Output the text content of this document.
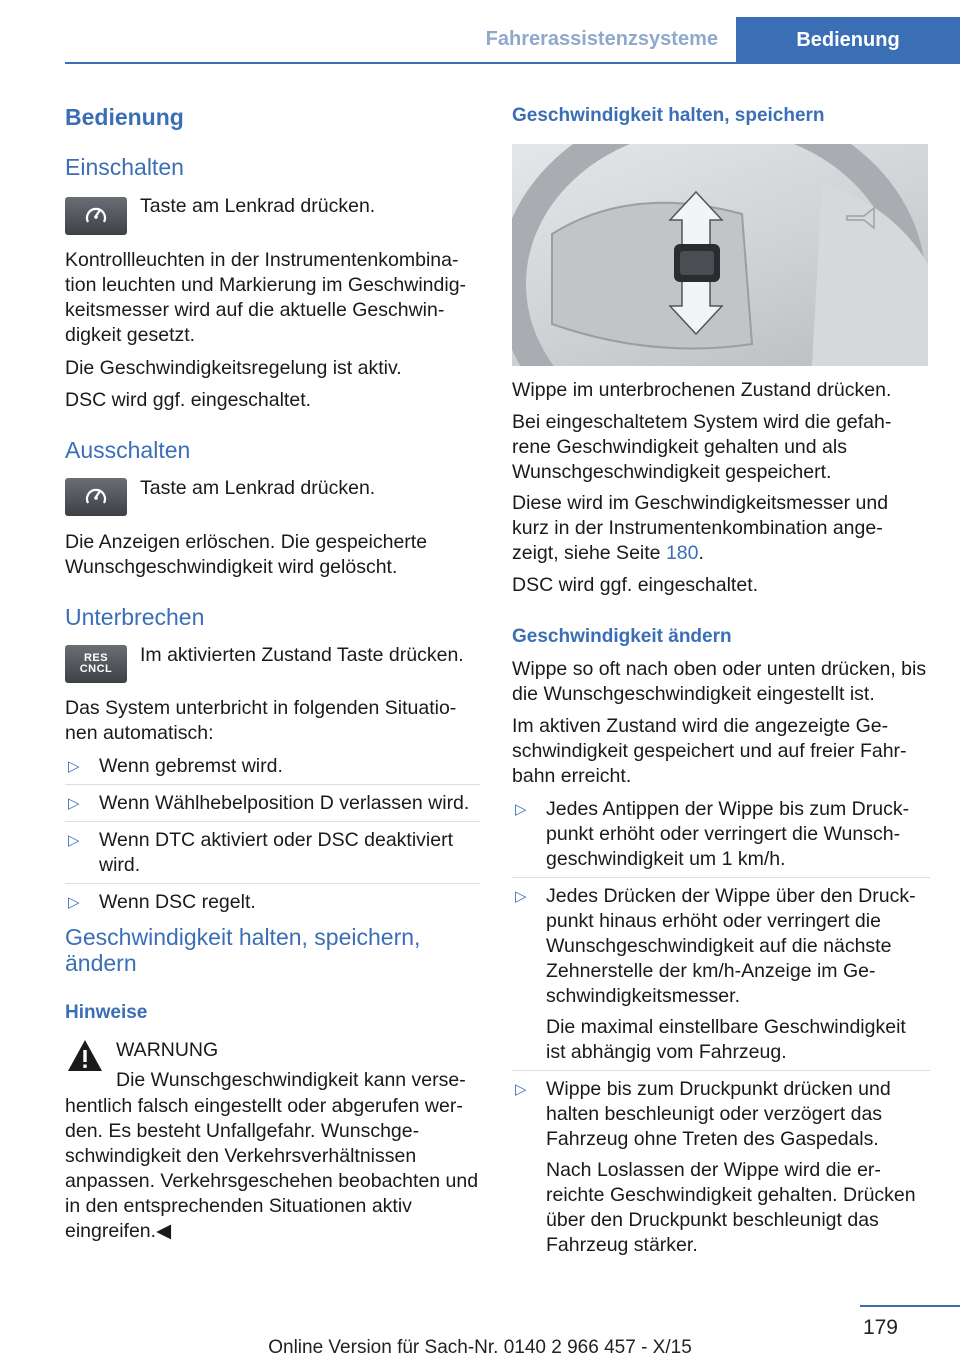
Fahrerassistenzsysteme	Bedienung
Bedienung
Einschalten

Taste am Lenkrad drücken.

Kontrollleuchten in der Instrumentenkombina‐ tion leuchten und Markierung im Geschwindig‐ keitsmesser wird auf die aktuelle Geschwin‐ digkeit gesetzt.

Die Geschwindigkeitsregelung ist aktiv.

DSC wird ggf. eingeschaltet.

Ausschalten

Taste am Lenkrad drücken.

Die Anzeigen erlöschen. Die gespeicherte Wunschgeschwindigkeit wird gelöscht.

Unterbrechen
RES
CNCL

Im aktivierten Zustand Taste drücken.

Das System unterbricht in folgenden Situatio‐ nen automatisch:

▷ Wenn gebremst wird.
▷ Wenn Wählhebelposition D verlassen wird.
▷ Wenn DTC aktiviert oder DSC deaktiviert wird.
▷ Wenn DSC regelt.
Geschwindigkeit halten, speichern, ändern
Hinweise

WARNUNG

Die Wunschgeschwindigkeit kann verse‐

hentlich falsch eingestellt oder abgerufen wer‐ den. Es besteht Unfallgefahr. Wunschge‐ schwindigkeit den Verkehrsverhältnissen anpassen. Verkehrsgeschehen beobachten und in den entsprechenden Situationen aktiv eingreifen.◀

Geschwindigkeit halten, speichern

Wippe im unterbrochenen Zustand drücken.

Bei eingeschaltetem System wird die gefah‐ rene Geschwindigkeit gehalten und als Wunschgeschwindigkeit gespeichert.

Diese wird im Geschwindigkeitsmesser und kurz in der Instrumentenkombination ange‐ zeigt, siehe Seite 180.

DSC wird ggf. eingeschaltet.

Geschwindigkeit ändern

Wippe so oft nach oben oder unten drücken, bis die Wunschgeschwindigkeit eingestellt ist.

Im aktiven Zustand wird die angezeigte Ge‐ schwindigkeit gespeichert und auf freier Fahr‐ bahn erreicht.

▷ Jedes Antippen der Wippe bis zum Druck‐ punkt erhöht oder verringert die Wunsch‐ geschwindigkeit um 1 km/h.
▷ Jedes Drücken der Wippe über den Druck‐ punkt hinaus erhöht oder verringert die Wunschgeschwindigkeit auf die nächste Zehnerstelle der km/h-Anzeige im Ge‐ schwindigkeitsmesser.
Die maximal einstellbare Geschwindigkeit ist abhängig vom Fahrzeug.
▷ Wippe bis zum Druckpunkt drücken und halten beschleunigt oder verzögert das Fahrzeug ohne Treten des Gaspedals.
Nach Loslassen der Wippe wird die er‐ reichte Geschwindigkeit gehalten. Drücken über den Druckpunkt beschleunigt das Fahrzeug stärker.
179
Online Version für Sach-Nr. 0140 2 966 457 - X/15
